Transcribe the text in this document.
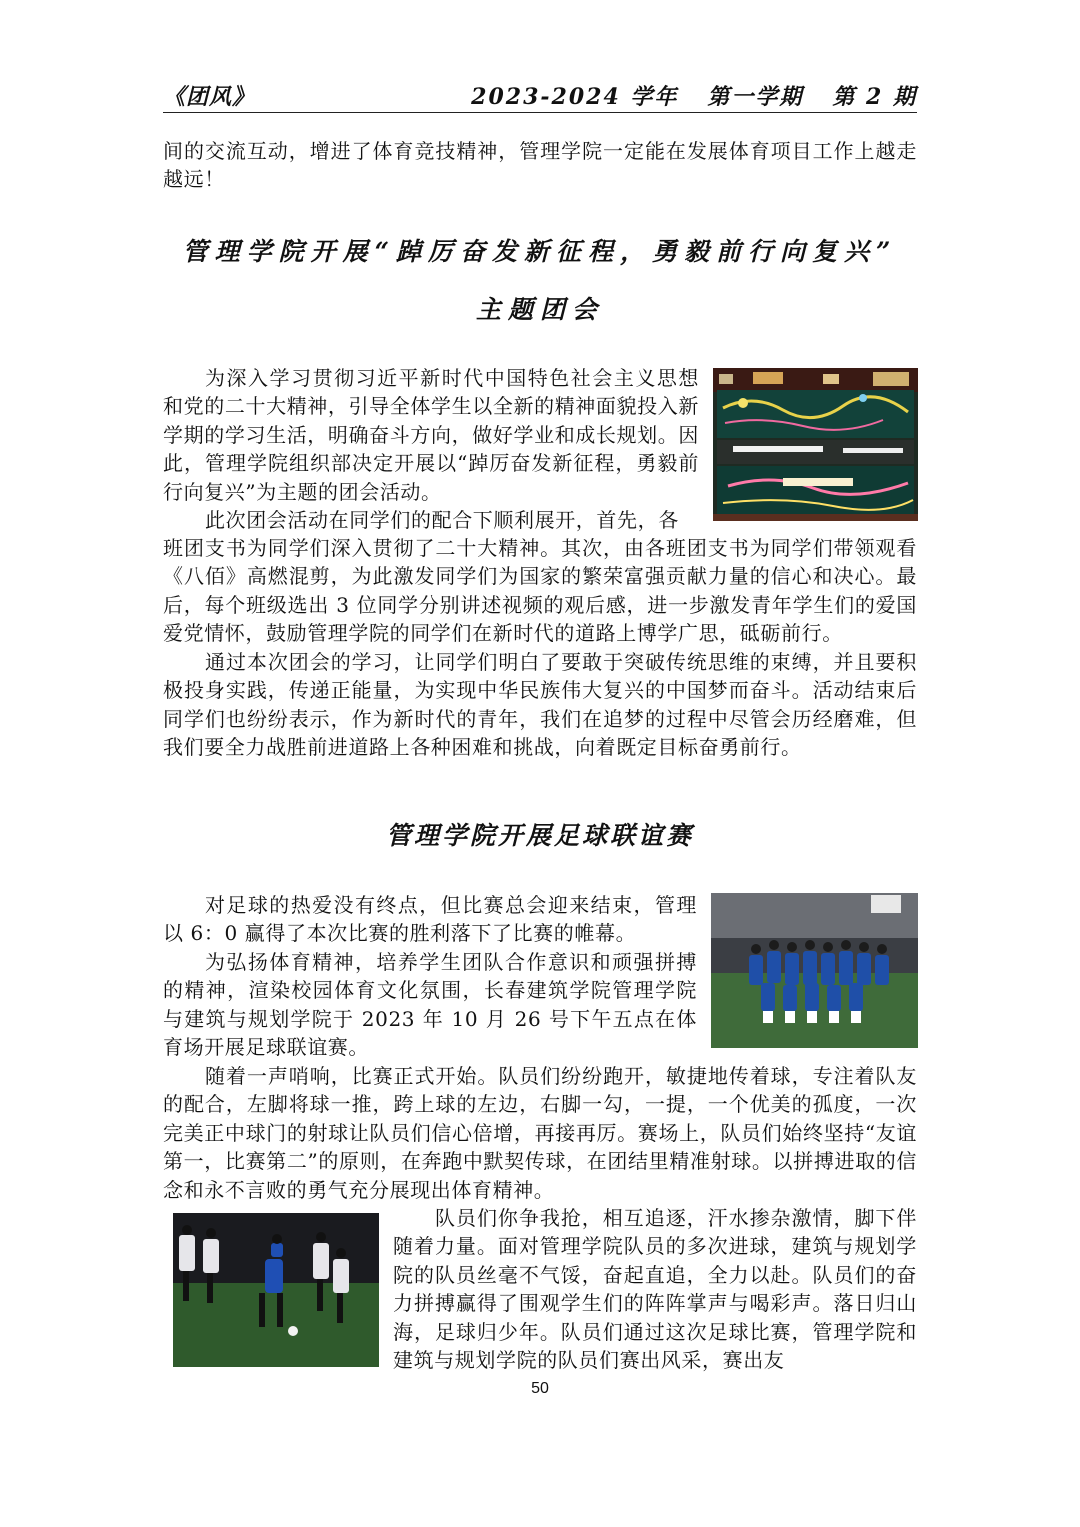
《团风》	2023-2024 学年   第一学期   第 2 期

间的交流互动，增进了体育竞技精神，管理学院一定能在发展体育项目工作上越走越远！

管理学院开展“踔厉奋发新征程，勇毅前行向复兴”
主题团会

为深入学习贯彻习近平新时代中国特色社会主义思想和党的二十大精神，引导全体学生以全新的精神面貌投入新学期的学习生活，明确奋斗方向，做好学业和成长规划。因此，管理学院组织部决定开展以“踔厉奋发新征程，勇毅前行向复兴”为主题的团会活动。

此次团会活动在同学们的配合下顺利展开，首先，各

班团支书为同学们深入贯彻了二十大精神。其次，由各班团支书为同学们带领观看《八佰》高燃混剪，为此激发同学们为国家的繁荣富强贡献力量的信心和决心。最后，每个班级选出 3 位同学分别讲述视频的观后感，进一步激发青年学生们的爱国爱党情怀，鼓励管理学院的同学们在新时代的道路上博学广思，砥砺前行。

通过本次团会的学习，让同学们明白了要敢于突破传统思维的束缚，并且要积极投身实践，传递正能量，为实现中华民族伟大复兴的中国梦而奋斗。活动结束后同学们也纷纷表示，作为新时代的青年，我们在追梦的过程中尽管会历经磨难，但我们要全力战胜前进道路上各种困难和挑战，向着既定目标奋勇前行。

管理学院开展足球联谊赛

对足球的热爱没有终点，但比赛总会迎来结束，管理以 6：0 赢得了本次比赛的胜利落下了比赛的帷幕。

为弘扬体育精神，培养学生团队合作意识和顽强拼搏的精神，渲染校园体育文化氛围，长春建筑学院管理学院与建筑与规划学院于 2023 年 10 月 26 号下午五点在体育场开展足球联谊赛。

随着一声哨响，比赛正式开始。队员们纷纷跑开，敏捷地传着球，专注着队友的配合，左脚将球一推，跨上球的左边，右脚一勾，一提，一个优美的孤度，一次完美正中球门的射球让队员们信心倍增，再接再厉。赛场上，队员们始终坚持“友谊第一，比赛第二”的原则，在奔跑中默契传球，在团结里精准射球。以拼搏进取的信念和永不言败的勇气充分展现出体育精神。

队员们你争我抢，相互追逐，汗水掺杂激情，脚下伴随着力量。面对管理学院队员的多次进球，建筑与规划学院的队员丝毫不气馁，奋起直追，全力以赴。队员们的奋力拼搏赢得了围观学生们的阵阵掌声与喝彩声。落日归山海，足球归少年。队员们通过这次足球比赛，管理学院和建筑与规划学院的队员们赛出风采，赛出友

50
